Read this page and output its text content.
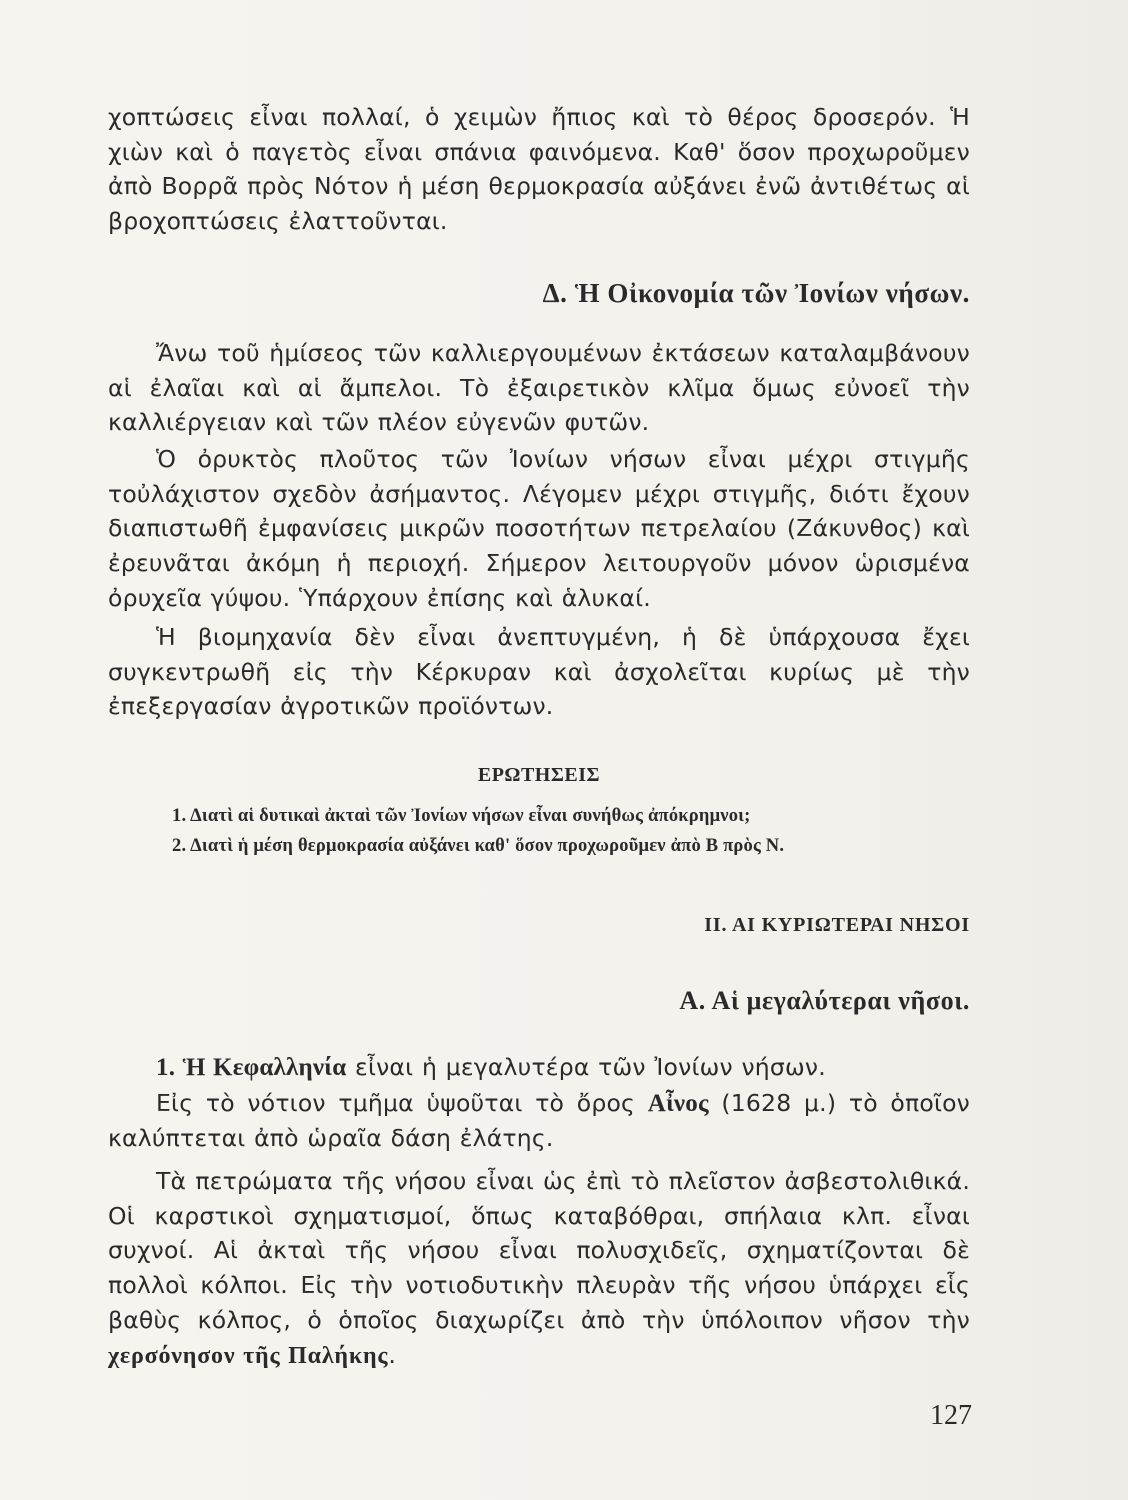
χοπτώσεις εἶναι πολλαί, ὁ χειμὼν ἤπιος καὶ τὸ θέρος δροσερόν. Ἡ χιὼν καὶ ὁ παγετὸς εἶναι σπάνια φαινόμενα. Καθ' ὅσον προχωροῦμεν ἀπὸ Βορρᾶ πρὸς Νότον ἡ μέση θερμοκρασία αὐξάνει ἐνῶ ἀντιθέτως αἱ βροχοπτώσεις ἐλαττοῦνται.

Δ. Ἡ Οἰκονομία τῶν Ἰονίων νήσων.

Ἄνω τοῦ ἡμίσεος τῶν καλλιεργουμένων ἐκτάσεων καταλαμβάνουν αἱ ἐλαῖαι καὶ αἱ ἄμπελοι. Τὸ ἐξαιρετικὸν κλῖμα ὅμως εὐνοεῖ τὴν καλλιέργειαν καὶ τῶν πλέον εὐγενῶν φυτῶν.

Ὁ ὀρυκτὸς πλοῦτος τῶν Ἰονίων νήσων εἶναι μέχρι στιγμῆς τοὐλάχιστον σχεδὸν ἀσήμαντος. Λέγομεν μέχρι στιγμῆς, διότι ἔχουν διαπιστωθῆ ἐμφανίσεις μικρῶν ποσοτήτων πετρελαίου (Ζάκυνθος) καὶ ἐρευνᾶται ἀκόμη ἡ περιοχή. Σήμερον λειτουργοῦν μόνον ὡρισμένα ὀρυχεῖα γύψου. Ὑπάρχουν ἐπίσης καὶ ἁλυκαί.

Ἡ βιομηχανία δὲν εἶναι ἀνεπτυγμένη, ἡ δὲ ὑπάρχουσα ἔχει συγκεντρωθῆ εἰς τὴν Κέρκυραν καὶ ἀσχολεῖται κυρίως μὲ τὴν ἐπεξεργασίαν ἀγροτικῶν προϊόντων.

ΕΡΩΤΗΣΕΙΣ
1. Διατὶ αἱ δυτικαὶ ἀκταὶ τῶν Ἰονίων νήσων εἶναι συνήθως ἀπόκρημνοι;
2. Διατὶ ἡ μέση θερμοκρασία αὐξάνει καθ' ὅσον προχωροῦμεν ἀπὸ Β πρὸς Ν.
ΙΙ. ΑΙ ΚΥΡΙΩΤΕΡΑΙ ΝΗΣΟΙ
Α. Αἱ μεγαλύτεραι νῆσοι.

1. Ἡ Κεφαλληνία εἶναι ἡ μεγαλυτέρα τῶν Ἰονίων νήσων.

Εἰς τὸ νότιον τμῆμα ὑψοῦται τὸ ὄρος Αἶνος (1628 μ.) τὸ ὁποῖον καλύπτεται ἀπὸ ὡραῖα δάση ἐλάτης.

Τὰ πετρώματα τῆς νήσου εἶναι ὡς ἐπὶ τὸ πλεῖστον ἀσβεστολιθικά. Οἱ καρστικοὶ σχηματισμοί, ὅπως καταβόθραι, σπήλαια κλπ. εἶναι συχνοί. Αἱ ἀκταὶ τῆς νήσου εἶναι πολυσχιδεῖς, σχηματίζονται δὲ πολλοὶ κόλποι. Εἰς τὴν νοτιοδυτικὴν πλευρὰν τῆς νήσου ὑπάρχει εἷς βαθὺς κόλπος, ὁ ὁποῖος διαχωρίζει ἀπὸ τὴν ὑπόλοιπον νῆσον τὴν χερσόνησον τῆς Παλήκης.

127
